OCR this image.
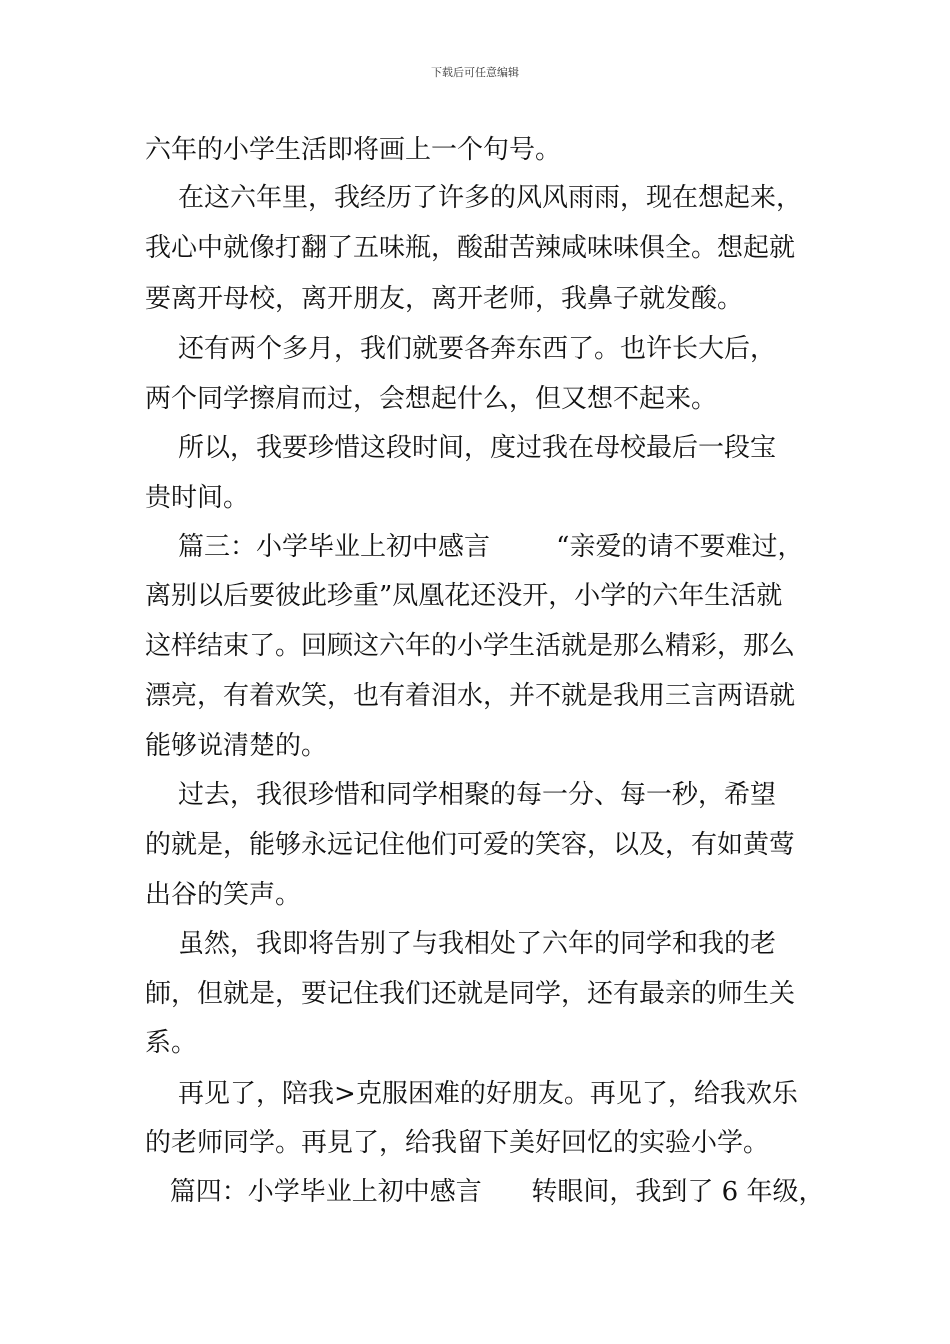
下载后可任意编辑
六年的小学生活即将画上一个句号。
在这六年里，我经历了许多的风风雨雨，现在想起来，
我心中就像打翻了五味瓶，酸甜苦辣咸味味俱全。想起就
要离开母校，离开朋友，离开老师，我鼻子就发酸。
还有两个多月，我们就要各奔东西了。也许长大后，
两个同学擦肩而过，会想起什么，但又想不起来。
所以，我要珍惜这段时间，度过我在母校最后一段宝
贵时间。
篇三：小学毕业上初中感言        “亲爱的请不要难过，
离别以后要彼此珍重”凤凰花还没开，小学的六年生活就
这样结束了。回顾这六年的小学生活就是那么精彩，那么
漂亮，有着欢笑，也有着泪水，并不就是我用三言两语就
能够说清楚的。
过去，我很珍惜和同学相聚的每一分、每一秒，希望
的就是，能够永远记住他们可爱的笑容，以及，有如黄莺
出谷的笑声。
虽然，我即将告别了与我相处了六年的同学和我的老
師，但就是，要记住我们还就是同学，还有最亲的师生关
系。
再见了，陪我>克服困难的好朋友。再见了，给我欢乐
的老师同学。再見了，给我留下美好回忆的实验小学。
篇四：小学毕业上初中感言      转眼间，我到了 6 年级，
